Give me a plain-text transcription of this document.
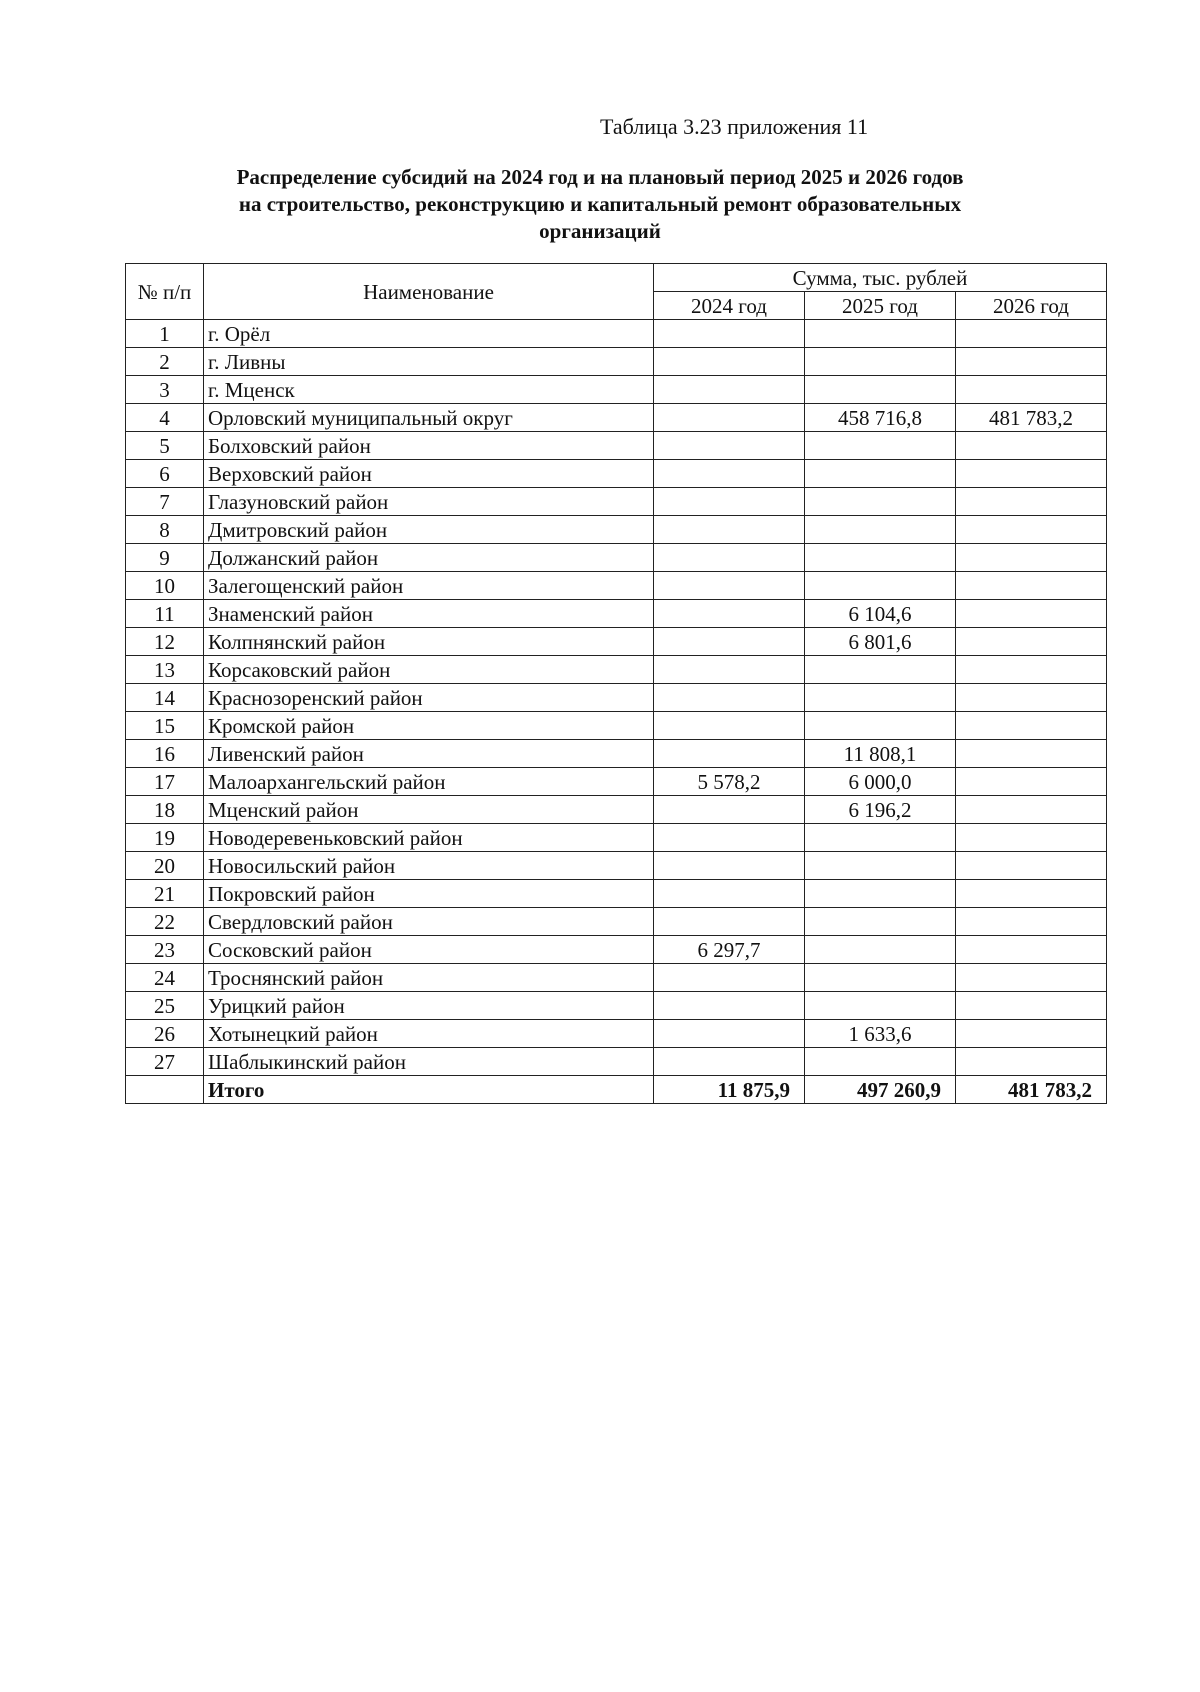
Таблица 3.23 приложения 11
Распределение субсидий на 2024 год и на плановый период 2025 и 2026 годов
на строительство, реконструкцию и капитальный ремонт образовательных
организаций
№ п/п	Наименование	Сумма, тыс. рублей		
		2024 год	2025 год	2026 год
1	г. Орёл			
2	г. Ливны			
3	г. Мценск			
4	Орловский муниципальный округ		458 716,8	481 783,2
5	Болховский район			
6	Верховский район			
7	Глазуновский район			
8	Дмитровский район			
9	Должанский район			
10	Залегощенский район			
11	Знаменский район		6 104,6	
12	Колпнянский район		6 801,6	
13	Корсаковский район			
14	Краснозоренский район			
15	Кромской район			
16	Ливенский район		11 808,1	
17	Малоархангельский район	5 578,2	6 000,0	
18	Мценский район		6 196,2	
19	Новодеревеньковский район			
20	Новосильский район			
21	Покровский район			
22	Свердловский район			
23	Сосковский район	6 297,7		
24	Троснянский район			
25	Урицкий район			
26	Хотынецкий район		1 633,6	
27	Шаблыкинский район			
	Итого	11 875,9	497 260,9	481 783,2
